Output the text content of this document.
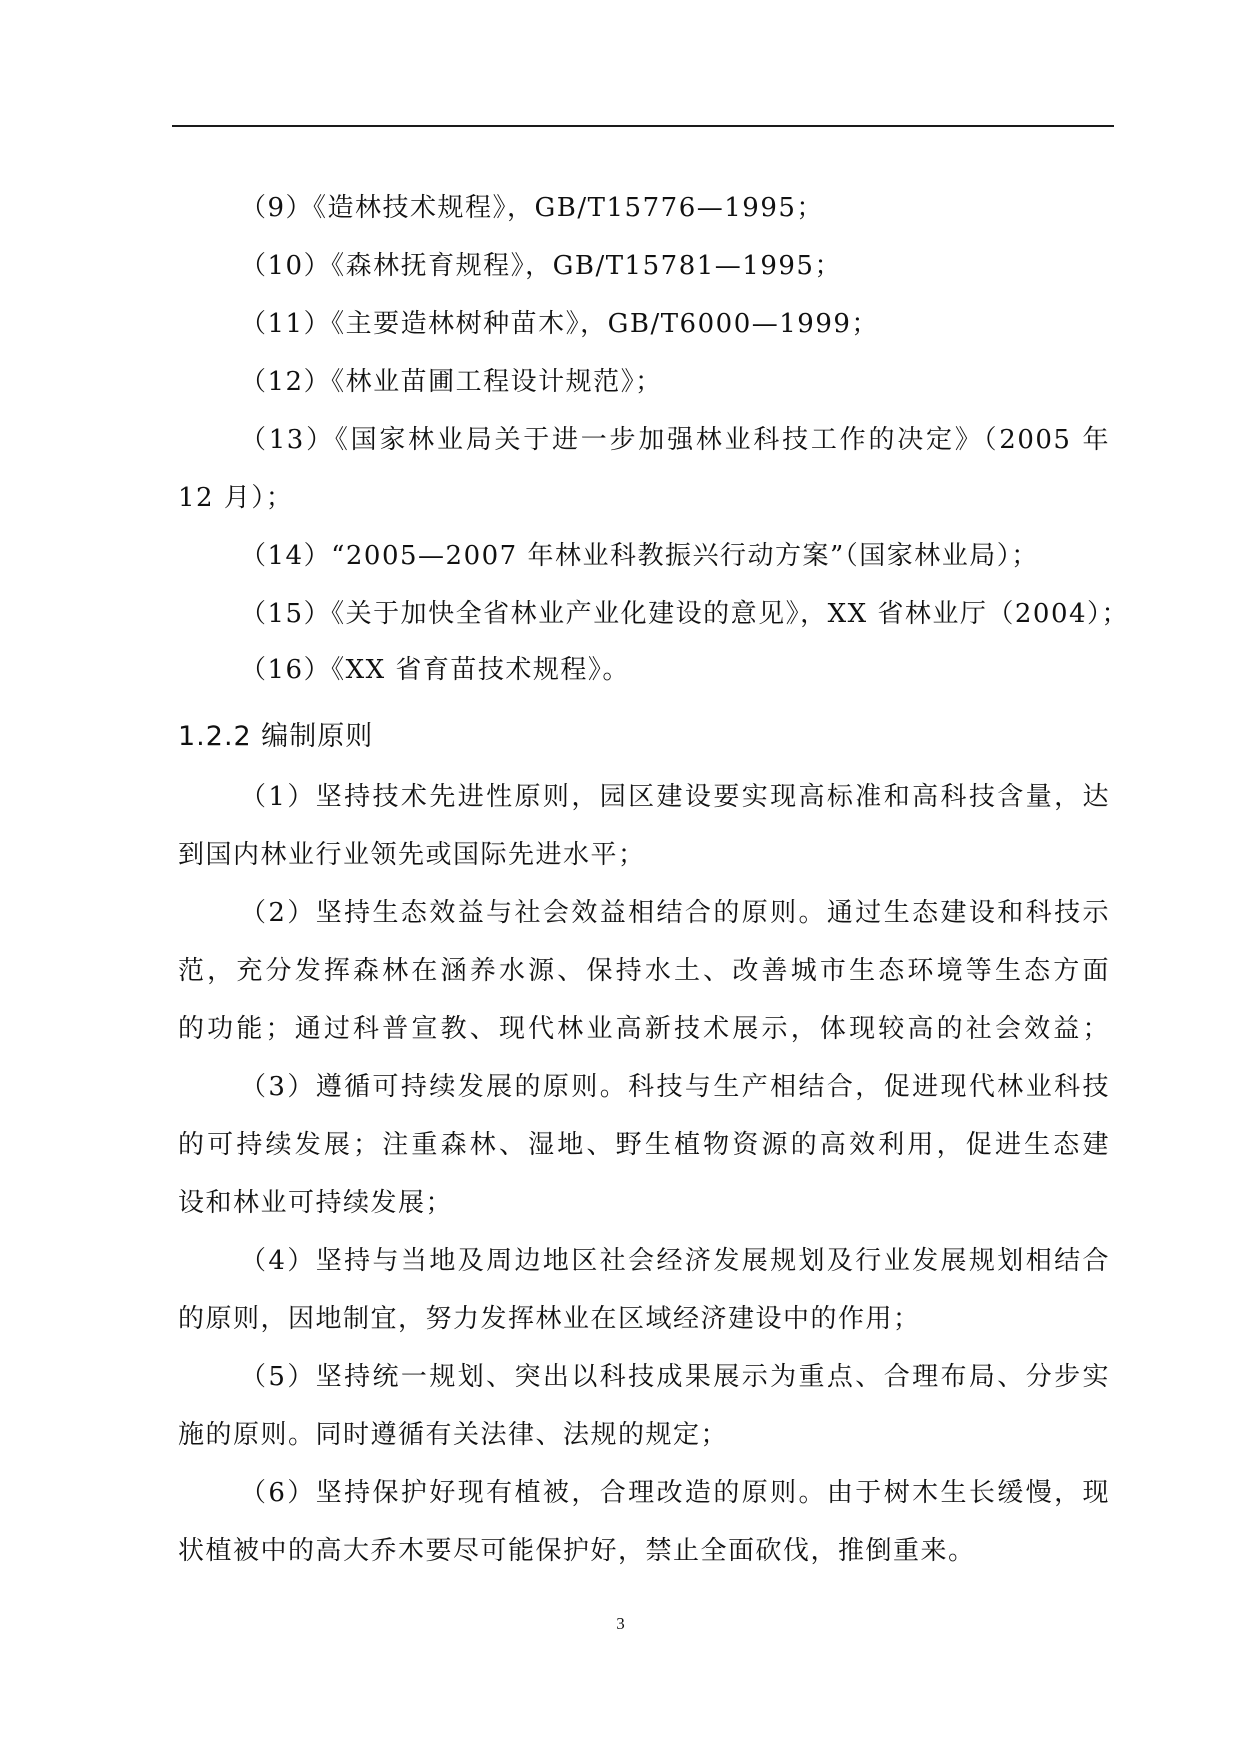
（9）《造林技术规程》，GB/T15776—1995；
（10）《森林抚育规程》，GB/T15781—1995；
（11）《主要造林树种苗木》，GB/T6000—1999；
（12）《林业苗圃工程设计规范》；
（13）《国家林业局关于进一步加强林业科技工作的决定》（2005 年
12 月）；
（14）“2005—2007 年林业科教振兴行动方案”（国家林业局）；
（15）《关于加快全省林业产业化建设的意见》，XX 省林业厅（2004）；
（16）《XX 省育苗技术规程》。
1.2.2 编制原则
（1）坚持技术先进性原则，园区建设要实现高标准和高科技含量，达
到国内林业行业领先或国际先进水平；
（2）坚持生态效益与社会效益相结合的原则。通过生态建设和科技示
范，充分发挥森林在涵养水源、保持水土、改善城市生态环境等生态方面
的功能；通过科普宣教、现代林业高新技术展示，体现较高的社会效益；
（3）遵循可持续发展的原则。科技与生产相结合，促进现代林业科技
的可持续发展；注重森林、湿地、野生植物资源的高效利用，促进生态建
设和林业可持续发展；
（4）坚持与当地及周边地区社会经济发展规划及行业发展规划相结合
的原则，因地制宜，努力发挥林业在区域经济建设中的作用；
（5）坚持统一规划、突出以科技成果展示为重点、合理布局、分步实
施的原则。同时遵循有关法律、法规的规定；
（6）坚持保护好现有植被，合理改造的原则。由于树木生长缓慢，现
状植被中的高大乔木要尽可能保护好，禁止全面砍伐，推倒重来。
3
